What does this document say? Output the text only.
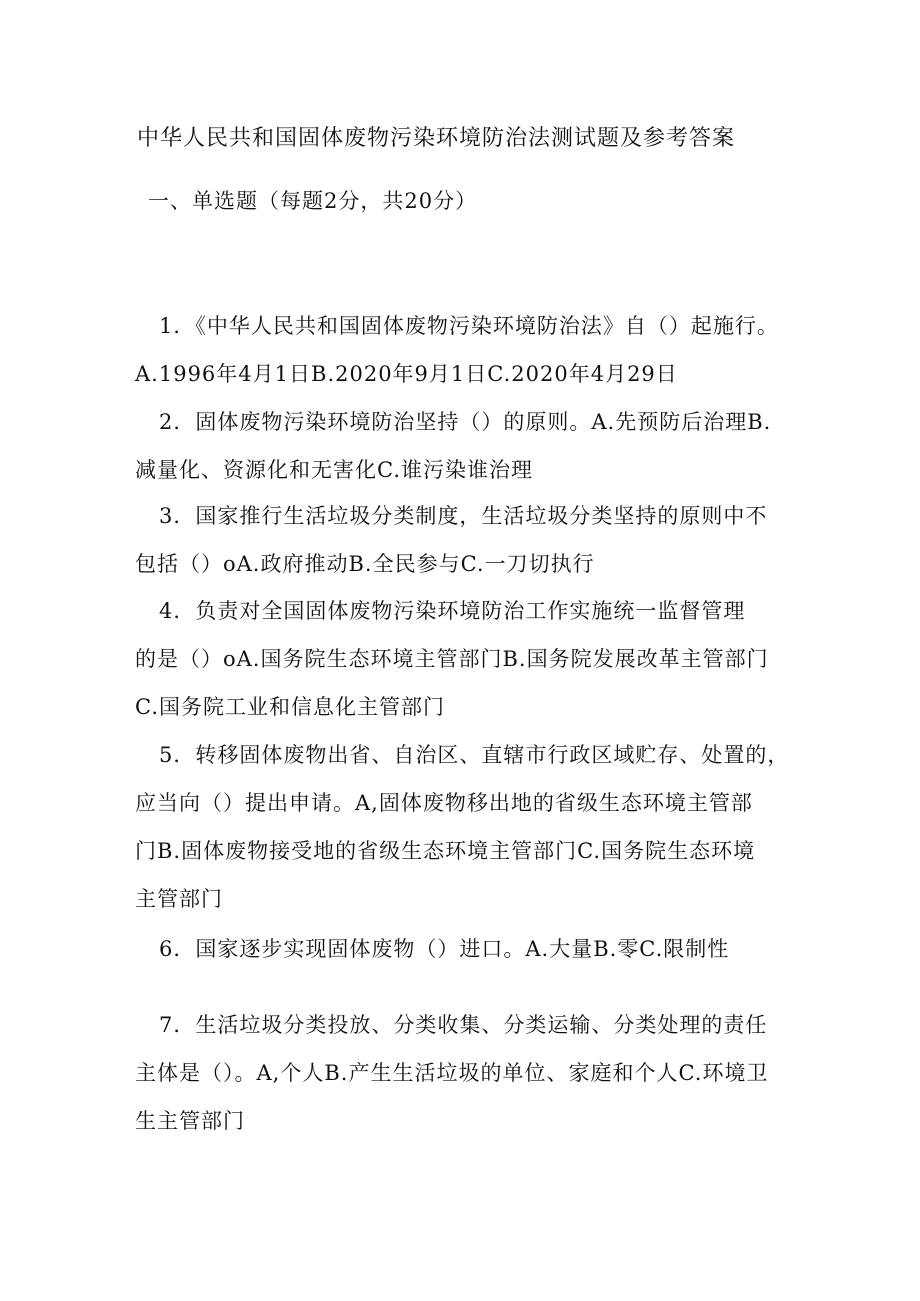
中华人民共和国固体废物污染环境防治法测试题及参考答案
一、单选题（每题2分，共20分）
1．《中华人民共和国固体废物污染环境防治法》自（）起施行。
A.1996年4月1日B.2020年9月1日C.2020年4月29日
2．固体废物污染环境防治坚持（）的原则。A.先预防后治理B.
减量化、资源化和无害化C.谁污染谁治理
3．国家推行生活垃圾分类制度，生活垃圾分类坚持的原则中不
包括（）oA.政府推动B.全民参与C.一刀切执行
4．负责对全国固体废物污染环境防治工作实施统一监督管理
的是（）oA.国务院生态环境主管部门B.国务院发展改革主管部门
C.国务院工业和信息化主管部门
5．转移固体废物出省、自治区、直辖市行政区域贮存、处置的，
应当向（）提出申请。A,固体废物移出地的省级生态环境主管部
门B.固体废物接受地的省级生态环境主管部门C.国务院生态环境
主管部门
6．国家逐步实现固体废物（）进口。A.大量B.零C.限制性
7．生活垃圾分类投放、分类收集、分类运输、分类处理的责任
主体是（）。A,个人B.产生生活垃圾的单位、家庭和个人C.环境卫
生主管部门
